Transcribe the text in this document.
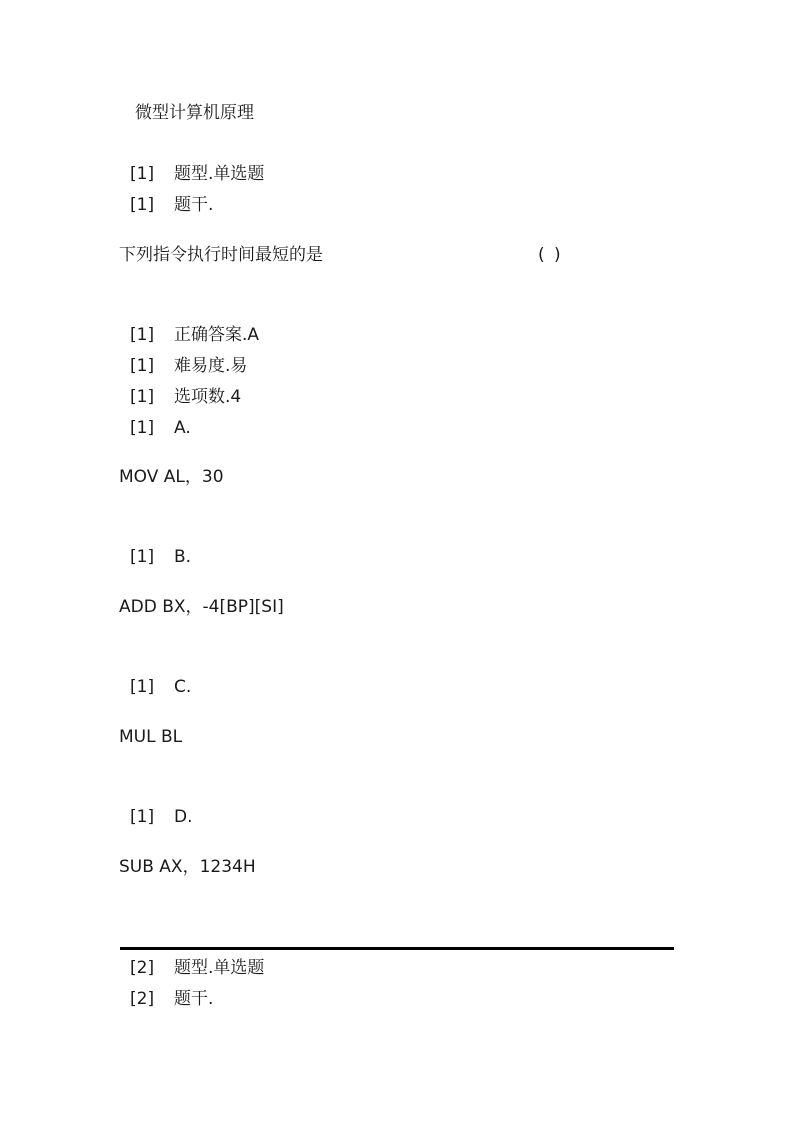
微型计算机原理
[1] 题型.单选题
[1] 题干.
下列指令执行时间最短的是	( )
[1] 正确答案.A
[1] 难易度.易
[1] 选项数.4
[1] A.
MOV AL，30
[1] B.
ADD BX，-4[BP][SI]
[1] C.
MUL BL
[1] D.
SUB AX，1234H
[2] 题型.单选题
[2] 题干.
